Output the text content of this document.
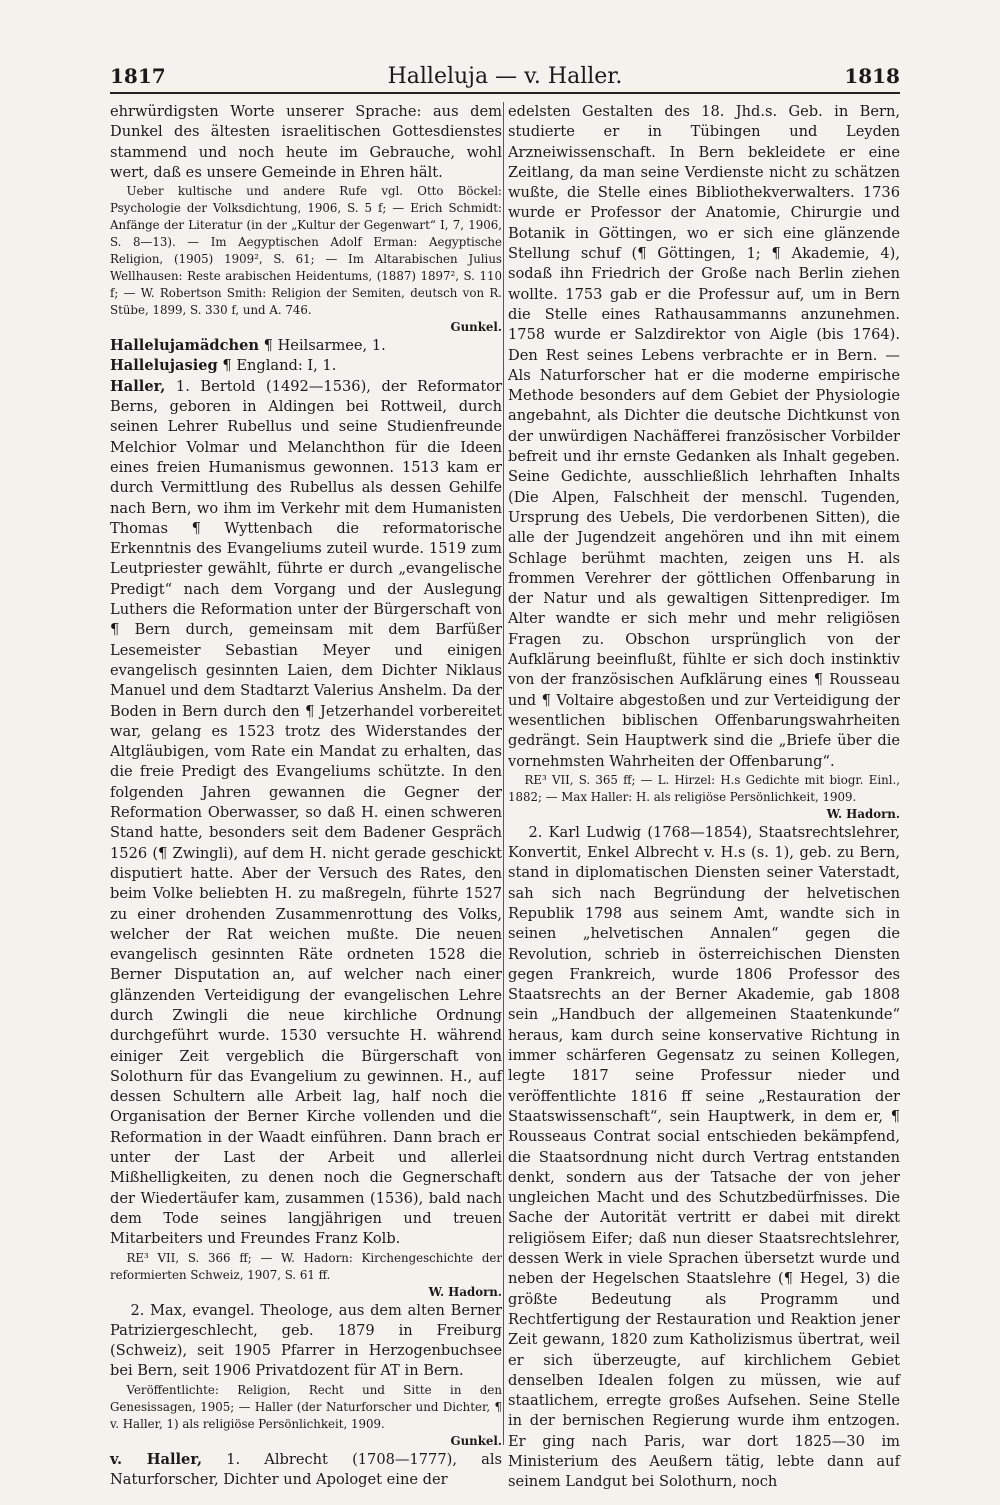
1817	Halleluja — v. Haller.	1818

ehrwürdigsten Worte unserer Sprache: aus dem Dunkel des ältesten israelitischen Gottesdienstes stammend und noch heute im Gebrauche, wohl wert, daß es unsere Gemeinde in Ehren hält.

Ueber kultische und andere Rufe vgl. Otto Böckel: Psychologie der Volksdichtung, 1906, S. 5 f; — Erich Schmidt: Anfänge der Literatur (in der „Kultur der Gegenwart“ I, 7, 1906, S. 8—13). — Im Aegyptischen Adolf Erman: Aegyptische Religion, (1905) 1909², S. 61; — Im Altarabischen Julius Wellhausen: Reste arabischen Heidentums, (1887) 1897², S. 110 f; — W. Robertson Smith: Religion der Semiten, deutsch von R. Stübe, 1899, S. 330 f, und A. 746.
Gunkel.

Hallelujamädchen ¶ Heilsarmee, 1.

Hallelujasieg ¶ England: I, 1.

Haller, 1. Bertold (1492—1536), der Reformator Berns, geboren in Aldingen bei Rottweil, durch seinen Lehrer Rubellus und seine Studienfreunde Melchior Volmar und Melanchthon für die Ideen eines freien Humanismus gewonnen. 1513 kam er durch Vermittlung des Rubellus als dessen Gehilfe nach Bern, wo ihm im Verkehr mit dem Humanisten Thomas ¶ Wyttenbach die reformatorische Erkenntnis des Evangeliums zuteil wurde. 1519 zum Leutpriester gewählt, führte er durch „evangelische Predigt“ nach dem Vorgang und der Auslegung Luthers die Reformation unter der Bürgerschaft von ¶ Bern durch, gemeinsam mit dem Barfüßer Lesemeister Sebastian Meyer und einigen evangelisch gesinnten Laien, dem Dichter Niklaus Manuel und dem Stadtarzt Valerius Anshelm. Da der Boden in Bern durch den ¶ Jetzerhandel vorbereitet war, gelang es 1523 trotz des Widerstandes der Altgläubigen, vom Rate ein Mandat zu erhalten, das die freie Predigt des Evangeliums schützte. In den folgenden Jahren gewannen die Gegner der Reformation Oberwasser, so daß H. einen schweren Stand hatte, besonders seit dem Badener Gespräch 1526 (¶ Zwingli), auf dem H. nicht gerade geschickt disputiert hatte. Aber der Versuch des Rates, den beim Volke beliebten H. zu maßregeln, führte 1527 zu einer drohenden Zusammenrottung des Volks, welcher der Rat weichen mußte. Die neuen evangelisch gesinnten Räte ordneten 1528 die Berner Disputation an, auf welcher nach einer glänzenden Verteidigung der evangelischen Lehre durch Zwingli die neue kirchliche Ordnung durchgeführt wurde. 1530 versuchte H. während einiger Zeit vergeblich die Bürgerschaft von Solothurn für das Evangelium zu gewinnen. H., auf dessen Schultern alle Arbeit lag, half noch die Organisation der Berner Kirche vollenden und die Reformation in der Waadt einführen. Dann brach er unter der Last der Arbeit und allerlei Mißhelligkeiten, zu denen noch die Gegnerschaft der Wiedertäufer kam, zusammen (1536), bald nach dem Tode seines langjährigen und treuen Mitarbeiters und Freundes Franz Kolb.

RE³ VII, S. 366 ff; — W. Hadorn: Kirchengeschichte der reformierten Schweiz, 1907, S. 61 ff.
W. Hadorn.

2. Max, evangel. Theologe, aus dem alten Berner Patriziergeschlecht, geb. 1879 in Freiburg (Schweiz), seit 1905 Pfarrer in Herzogenbuchsee bei Bern, seit 1906 Privatdozent für AT in Bern.

Veröffentlichte: Religion, Recht und Sitte in den Genesissagen, 1905; — Haller (der Naturforscher und Dichter, ¶ v. Haller, 1) als religiöse Persönlichkeit, 1909.
Gunkel.

v. Haller, 1. Albrecht (1708—1777), als Naturforscher, Dichter und Apologet eine der

edelsten Gestalten des 18. Jhd.s. Geb. in Bern, studierte er in Tübingen und Leyden Arzneiwissenschaft. In Bern bekleidete er eine Zeitlang, da man seine Verdienste nicht zu schätzen wußte, die Stelle eines Bibliothekverwalters. 1736 wurde er Professor der Anatomie, Chirurgie und Botanik in Göttingen, wo er sich eine glänzende Stellung schuf (¶ Göttingen, 1; ¶ Akademie, 4), sodaß ihn Friedrich der Große nach Berlin ziehen wollte. 1753 gab er die Professur auf, um in Bern die Stelle eines Rathausammanns anzunehmen. 1758 wurde er Salzdirektor von Aigle (bis 1764). Den Rest seines Lebens verbrachte er in Bern. — Als Naturforscher hat er die moderne empirische Methode besonders auf dem Gebiet der Physiologie angebahnt, als Dichter die deutsche Dichtkunst von der unwürdigen Nachäfferei französischer Vorbilder befreit und ihr ernste Gedanken als Inhalt gegeben. Seine Gedichte, ausschließlich lehrhaften Inhalts (Die Alpen, Falschheit der menschl. Tugenden, Ursprung des Uebels, Die verdorbenen Sitten), die alle der Jugendzeit angehören und ihn mit einem Schlage berühmt machten, zeigen uns H. als frommen Verehrer der göttlichen Offenbarung in der Natur und als gewaltigen Sittenprediger. Im Alter wandte er sich mehr und mehr religiösen Fragen zu. Obschon ursprünglich von der Aufklärung beeinflußt, fühlte er sich doch instinktiv von der französischen Aufklärung eines ¶ Rousseau und ¶ Voltaire abgestoßen und zur Verteidigung der wesentlichen biblischen Offenbarungswahrheiten gedrängt. Sein Hauptwerk sind die „Briefe über die vornehmsten Wahrheiten der Offenbarung“.

RE³ VII, S. 365 ff; — L. Hirzel: H.s Gedichte mit biogr. Einl., 1882; — Max Haller: H. als religiöse Persönlichkeit, 1909.
W. Hadorn.

2. Karl Ludwig (1768—1854), Staatsrechtslehrer, Konvertit, Enkel Albrecht v. H.s (s. 1), geb. zu Bern, stand in diplomatischen Diensten seiner Vaterstadt, sah sich nach Begründung der helvetischen Republik 1798 aus seinem Amt, wandte sich in seinen „helvetischen Annalen“ gegen die Revolution, schrieb in österreichischen Diensten gegen Frankreich, wurde 1806 Professor des Staatsrechts an der Berner Akademie, gab 1808 sein „Handbuch der allgemeinen Staatenkunde“ heraus, kam durch seine konservative Richtung in immer schärferen Gegensatz zu seinen Kollegen, legte 1817 seine Professur nieder und veröffentlichte 1816 ff seine „Restauration der Staatswissenschaft“, sein Hauptwerk, in dem er, ¶ Rousseaus Contrat social entschieden bekämpfend, die Staatsordnung nicht durch Vertrag entstanden denkt, sondern aus der Tatsache der von jeher ungleichen Macht und des Schutzbedürfnisses. Die Sache der Autorität vertritt er dabei mit direkt religiösem Eifer; daß nun dieser Staatsrechtslehrer, dessen Werk in viele Sprachen übersetzt wurde und neben der Hegelschen Staatslehre (¶ Hegel, 3) die größte Bedeutung als Programm und Rechtfertigung der Restauration und Reaktion jener Zeit gewann, 1820 zum Katholizismus übertrat, weil er sich überzeugte, auf kirchlichem Gebiet denselben Idealen folgen zu müssen, wie auf staatlichem, erregte großes Aufsehen. Seine Stelle in der bernischen Regierung wurde ihm entzogen. Er ging nach Paris, war dort 1825—30 im Ministerium des Aeußern tätig, lebte dann auf seinem Landgut bei Solothurn, noch
